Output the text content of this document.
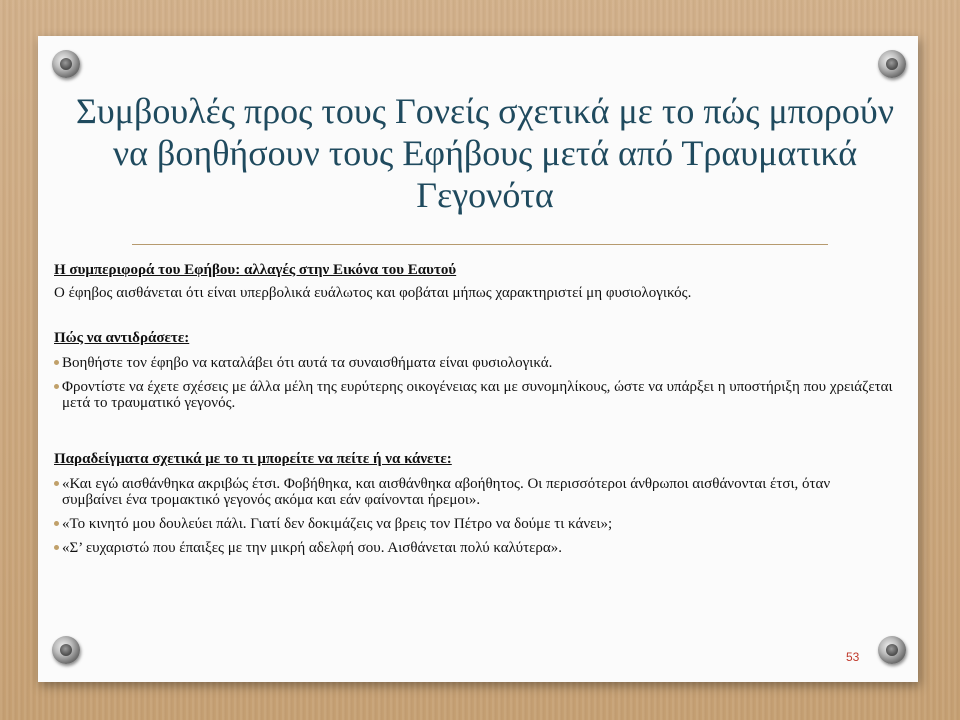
Συμβουλές προς τους Γονείς σχετικά με το πώς μπορούν να βοηθήσουν τους Εφήβους μετά από Τραυματικά Γεγονότα

Η συμπεριφορά του Εφήβου: αλλαγές στην Εικόνα του Εαυτού

Ο έφηβος αισθάνεται ότι είναι υπερβολικά ευάλωτος και φοβάται μήπως χαρακτηριστεί μη φυσιολογικός.

Πώς να αντιδράσετε:

Βοηθήστε τον έφηβο να καταλάβει ότι αυτά τα συναισθήματα είναι φυσιολογικά.

Φροντίστε να έχετε σχέσεις με άλλα μέλη της ευρύτερης οικογένειας και με συνομηλίκους, ώστε να υπάρξει η υποστήριξη που χρειάζεται μετά το τραυματικό γεγονός.

Παραδείγματα σχετικά με το τι μπορείτε να πείτε ή να κάνετε:

«Και εγώ αισθάνθηκα ακριβώς έτσι. Φοβήθηκα, και αισθάνθηκα αβοήθητος. Οι περισσότεροι άνθρωποι αισθάνονται έτσι, όταν συμβαίνει ένα τρομακτικό γεγονός ακόμα και εάν φαίνονται ήρεμοι».

«Το κινητό μου δουλεύει πάλι. Γιατί δεν δοκιμάζεις να βρεις τον Πέτρο να δούμε τι κάνει»;

«Σ’ ευχαριστώ που έπαιξες με την μικρή αδελφή σου. Αισθάνεται πολύ καλύτερα».

53
